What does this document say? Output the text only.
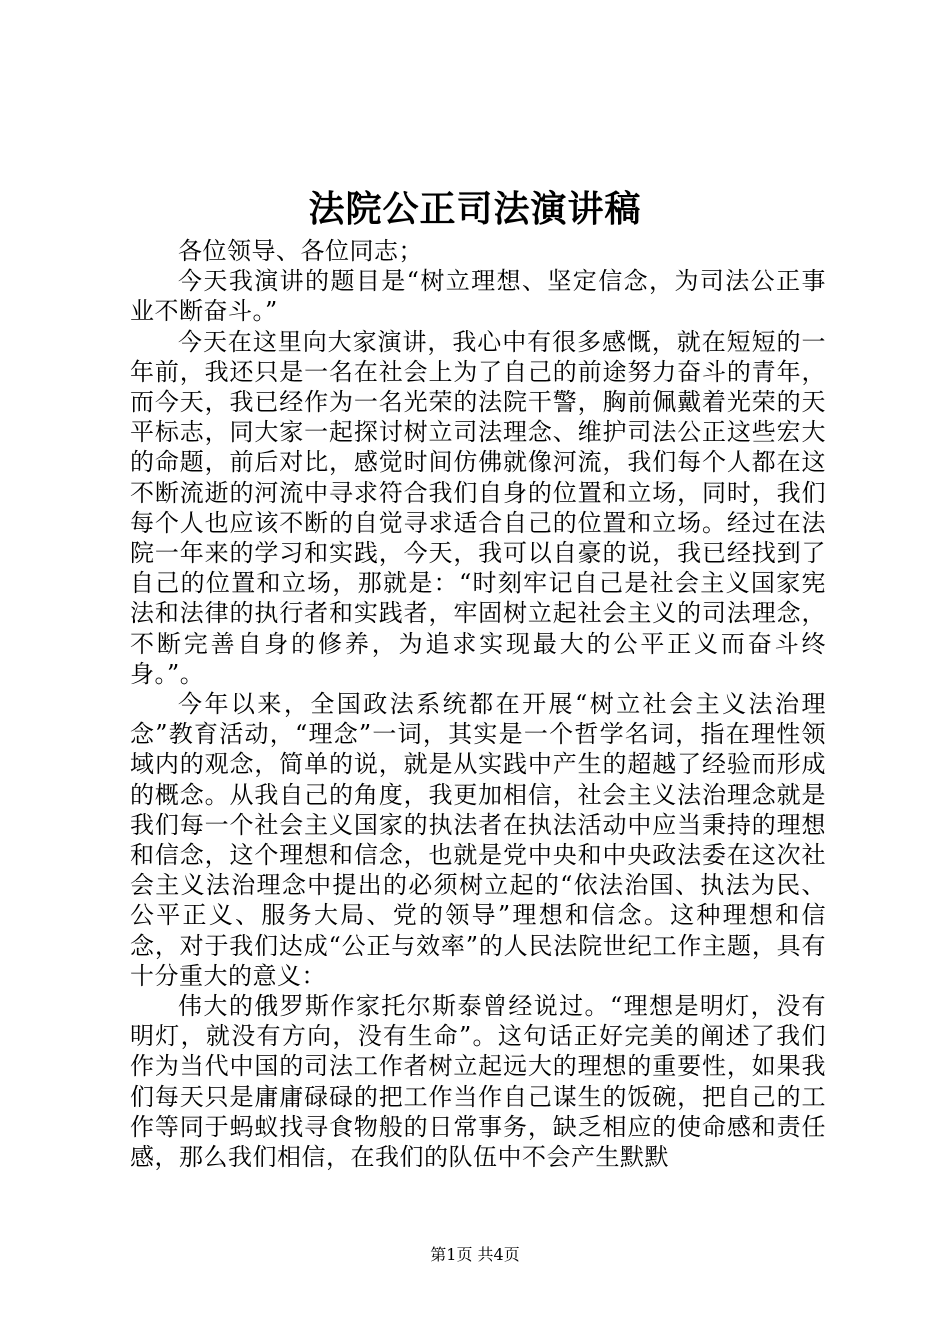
法院公正司法演讲稿

各位领导、各位同志；

今天我演讲的题目是“树立理想、坚定信念，为司法公正事业不断奋斗。”

今天在这里向大家演讲，我心中有很多感慨，就在短短的一年前，我还只是一名在社会上为了自己的前途努力奋斗的青年，而今天，我已经作为一名光荣的法院干警，胸前佩戴着光荣的天平标志，同大家一起探讨树立司法理念、维护司法公正这些宏大的命题，前后对比，感觉时间仿佛就像河流，我们每个人都在这不断流逝的河流中寻求符合我们自身的位置和立场，同时，我们每个人也应该不断的自觉寻求适合自己的位置和立场。经过在法院一年来的学习和实践，今天，我可以自豪的说，我已经找到了自己的位置和立场，那就是：“时刻牢记自己是社会主义国家宪法和法律的执行者和实践者，牢固树立起社会主义的司法理念，不断完善自身的修养，为追求实现最大的公平正义而奋斗终身。”。

今年以来，全国政法系统都在开展“树立社会主义法治理念”教育活动，“理念”一词，其实是一个哲学名词，指在理性领域内的观念，简单的说，就是从实践中产生的超越了经验而形成的概念。从我自己的角度，我更加相信，社会主义法治理念就是我们每一个社会主义国家的执法者在执法活动中应当秉持的理想和信念，这个理想和信念，也就是党中央和中央政法委在这次社会主义法治理念中提出的必须树立起的“依法治国、执法为民、公平正义、服务大局、党的领导”理想和信念。这种理想和信念，对于我们达成“公正与效率”的人民法院世纪工作主题，具有十分重大的意义：

伟大的俄罗斯作家托尔斯泰曾经说过。“理想是明灯，没有明灯，就没有方向，没有生命”。这句话正好完美的阐述了我们作为当代中国的司法工作者树立起远大的理想的重要性，如果我们每天只是庸庸碌碌的把工作当作自己谋生的饭碗，把自己的工作等同于蚂蚁找寻食物般的日常事务，缺乏相应的使命感和责任感，那么我们相信，在我们的队伍中不会产生默默

第1页 共4页
